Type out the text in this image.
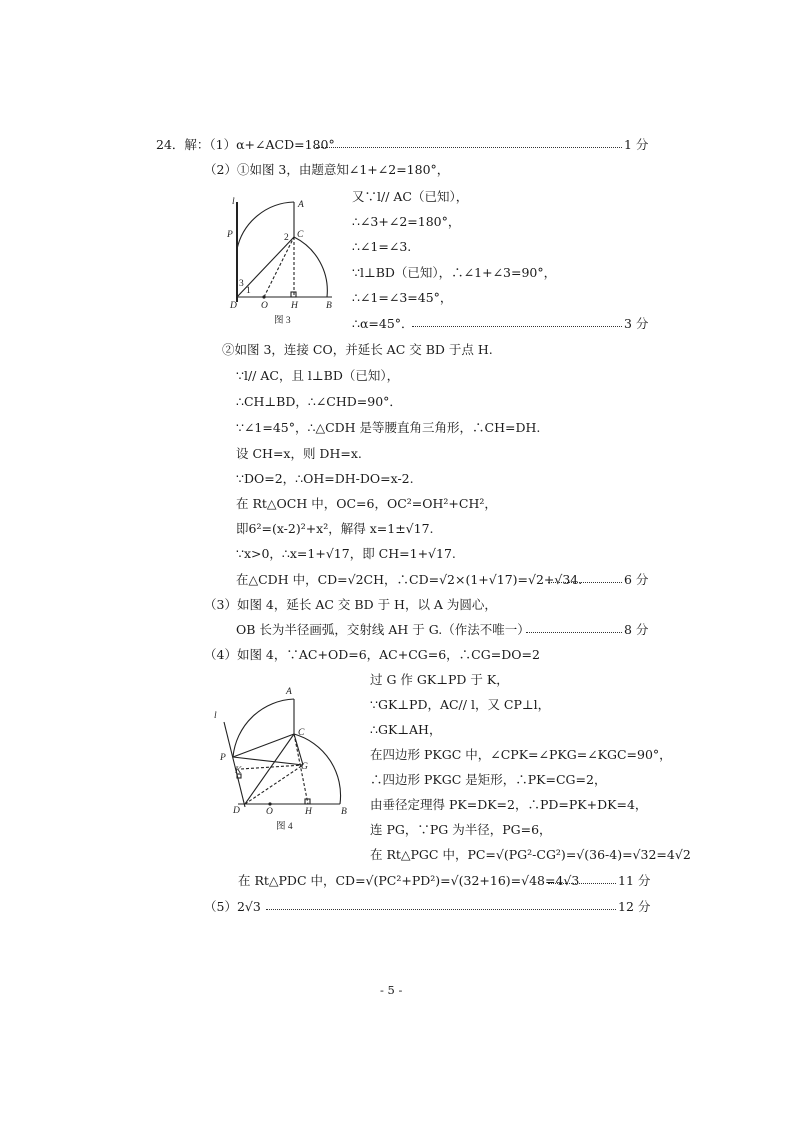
24．解：（1）α+∠ACD=180°	1 分
（2）①如图 3，由题意知∠1+∠2=180°，
又∵l// AC（已知），
∴∠3+∠2=180°，
∴∠1=∠3.
∵l⊥BD（已知），∴∠1+∠3=90°，
∴∠1=∠3=45°，
∴α=45°．	3 分
l	A
P	2 C
3
1
D	O H	B
图 3
②如图 3，连接 CO，并延长 AC 交 BD 于点 H.
∵l// AC，且 l⊥BD（已知），
∴CH⊥BD，∴∠CHD=90°．
∵∠1=45°，∴△CDH 是等腰直角三角形，∴CH=DH.
设 CH=x，则 DH=x.
∵DO=2，∴OH=DH-DO=x-2.
在 Rt△OCH 中，OC=6，OC²=OH²+CH²，
即6²=(x-2)²+x²，解得 x=1±√17.
∵x>0，∴x=1+√17，即 CH=1+√17.
在△CDH 中，CD=√2CH，∴CD=√2×(1+√17)=√2+√34.	6 分
（3）如图 4，延长 AC 交 BD 于 H，以 A 为圆心，
OB 长为半径画弧，交射线 AH 于 G.（作法不唯一）	8 分
（4）如图 4，∵AC+OD=6，AC+CG=6，∴CG=DO=2
过 G 作 GK⊥PD 于 K，
∵GK⊥PD，AC// l，又 CP⊥l，
∴GK⊥AH，
在四边形 PKGC 中，∠CPK=∠PKG=∠KGC=90°，
∴四边形 PKGC 是矩形，∴PK=CG=2，
由垂径定理得 PK=DK=2，∴PD=PK+DK=4，
连 PG，∵PG 为半径，PG=6，
在 Rt△PGC 中，PC=√(PG²-CG²)=√(36-4)=√32=4√2
l
A
C
P
K	G
D	O	H	B
图 4
在 Rt△PDC 中，CD=√(PC²+PD²)=√(32+16)=√48=4√3	11 分
（5）2√3	12 分
- 5 -
